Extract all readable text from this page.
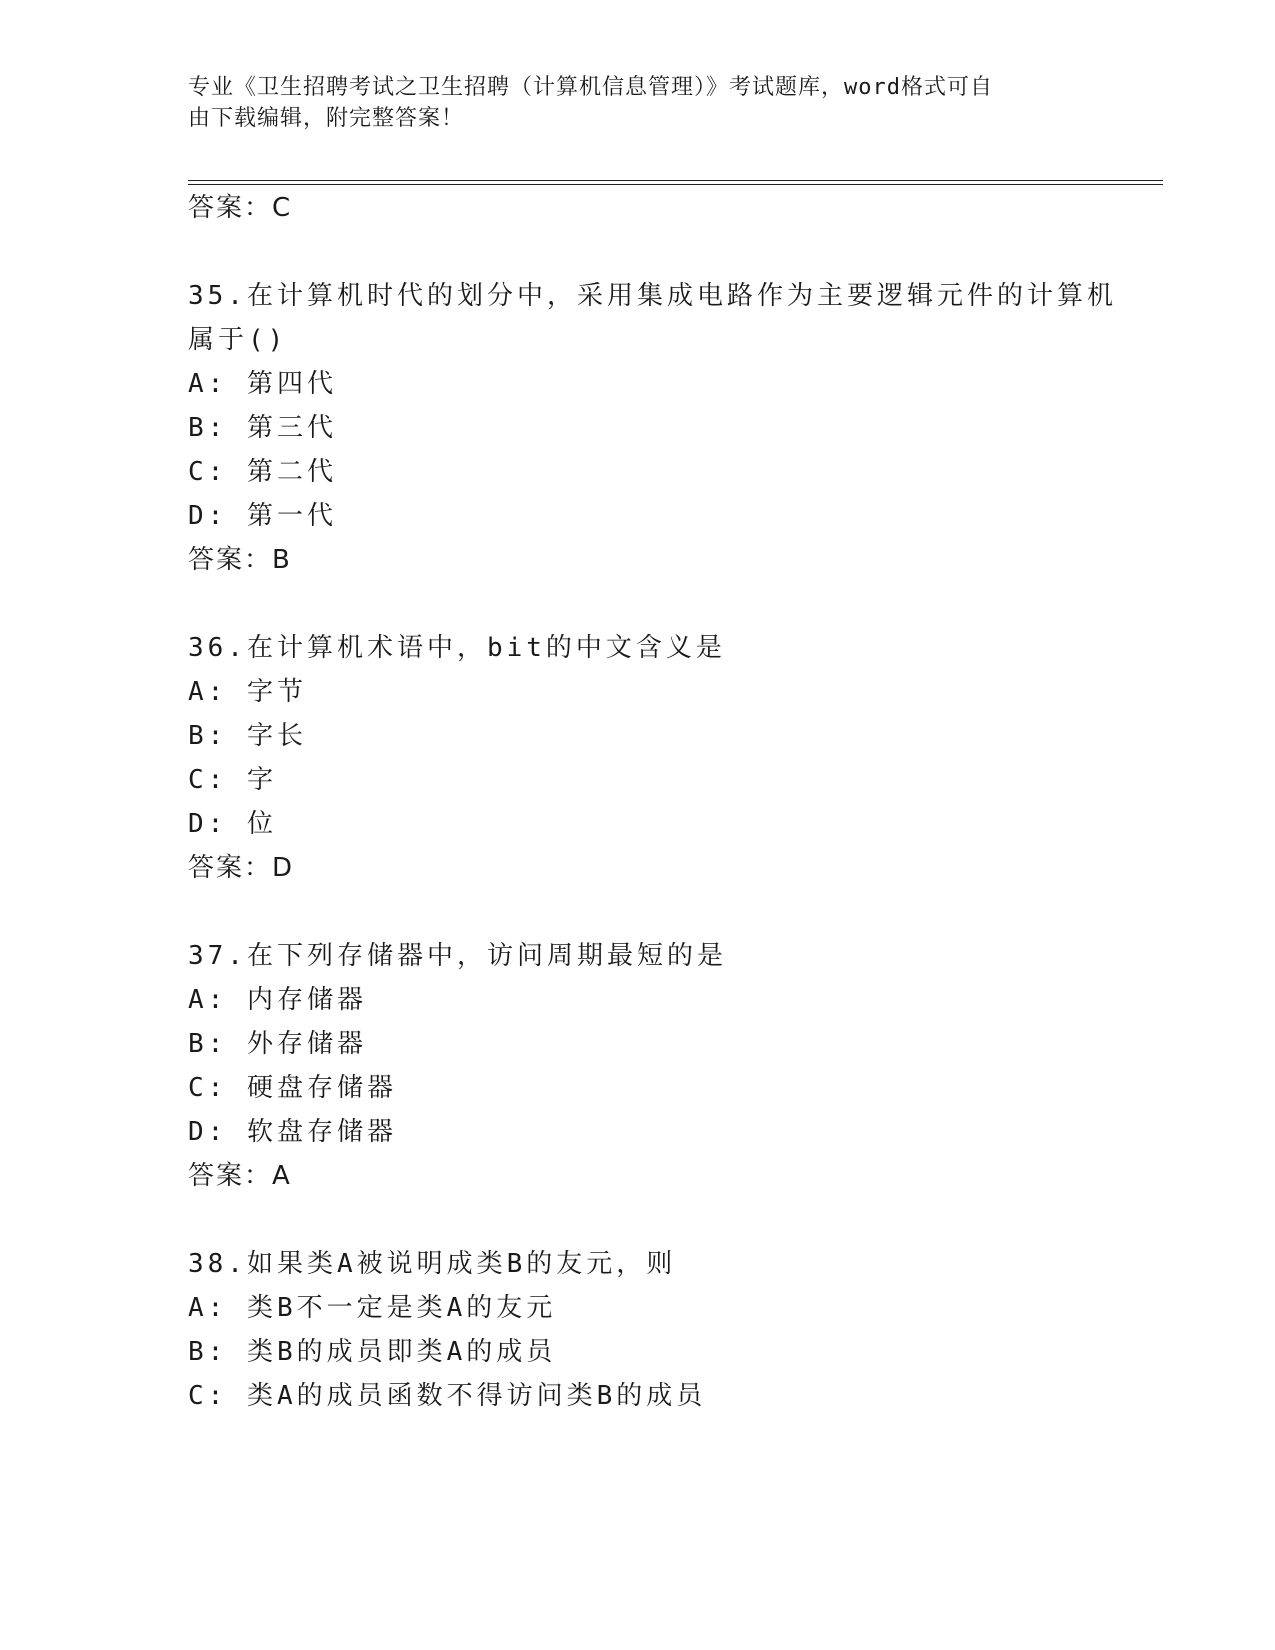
专业《卫生招聘考试之卫生招聘（计算机信息管理）》考试题库，word格式可自
由下载编辑，附完整答案！
答案：C
35.在计算机时代的划分中，采用集成电路作为主要逻辑元件的计算机
属于()
A: 第四代
B: 第三代
C: 第二代
D: 第一代
答案：B
36.在计算机术语中，bit的中文含义是
A: 字节
B: 字长
C: 字
D: 位
答案：D
37.在下列存储器中，访问周期最短的是
A: 内存储器
B: 外存储器
C: 硬盘存储器
D: 软盘存储器
答案：A
38.如果类A被说明成类B的友元，则
A: 类B不一定是类A的友元
B: 类B的成员即类A的成员
C: 类A的成员函数不得访问类B的成员
